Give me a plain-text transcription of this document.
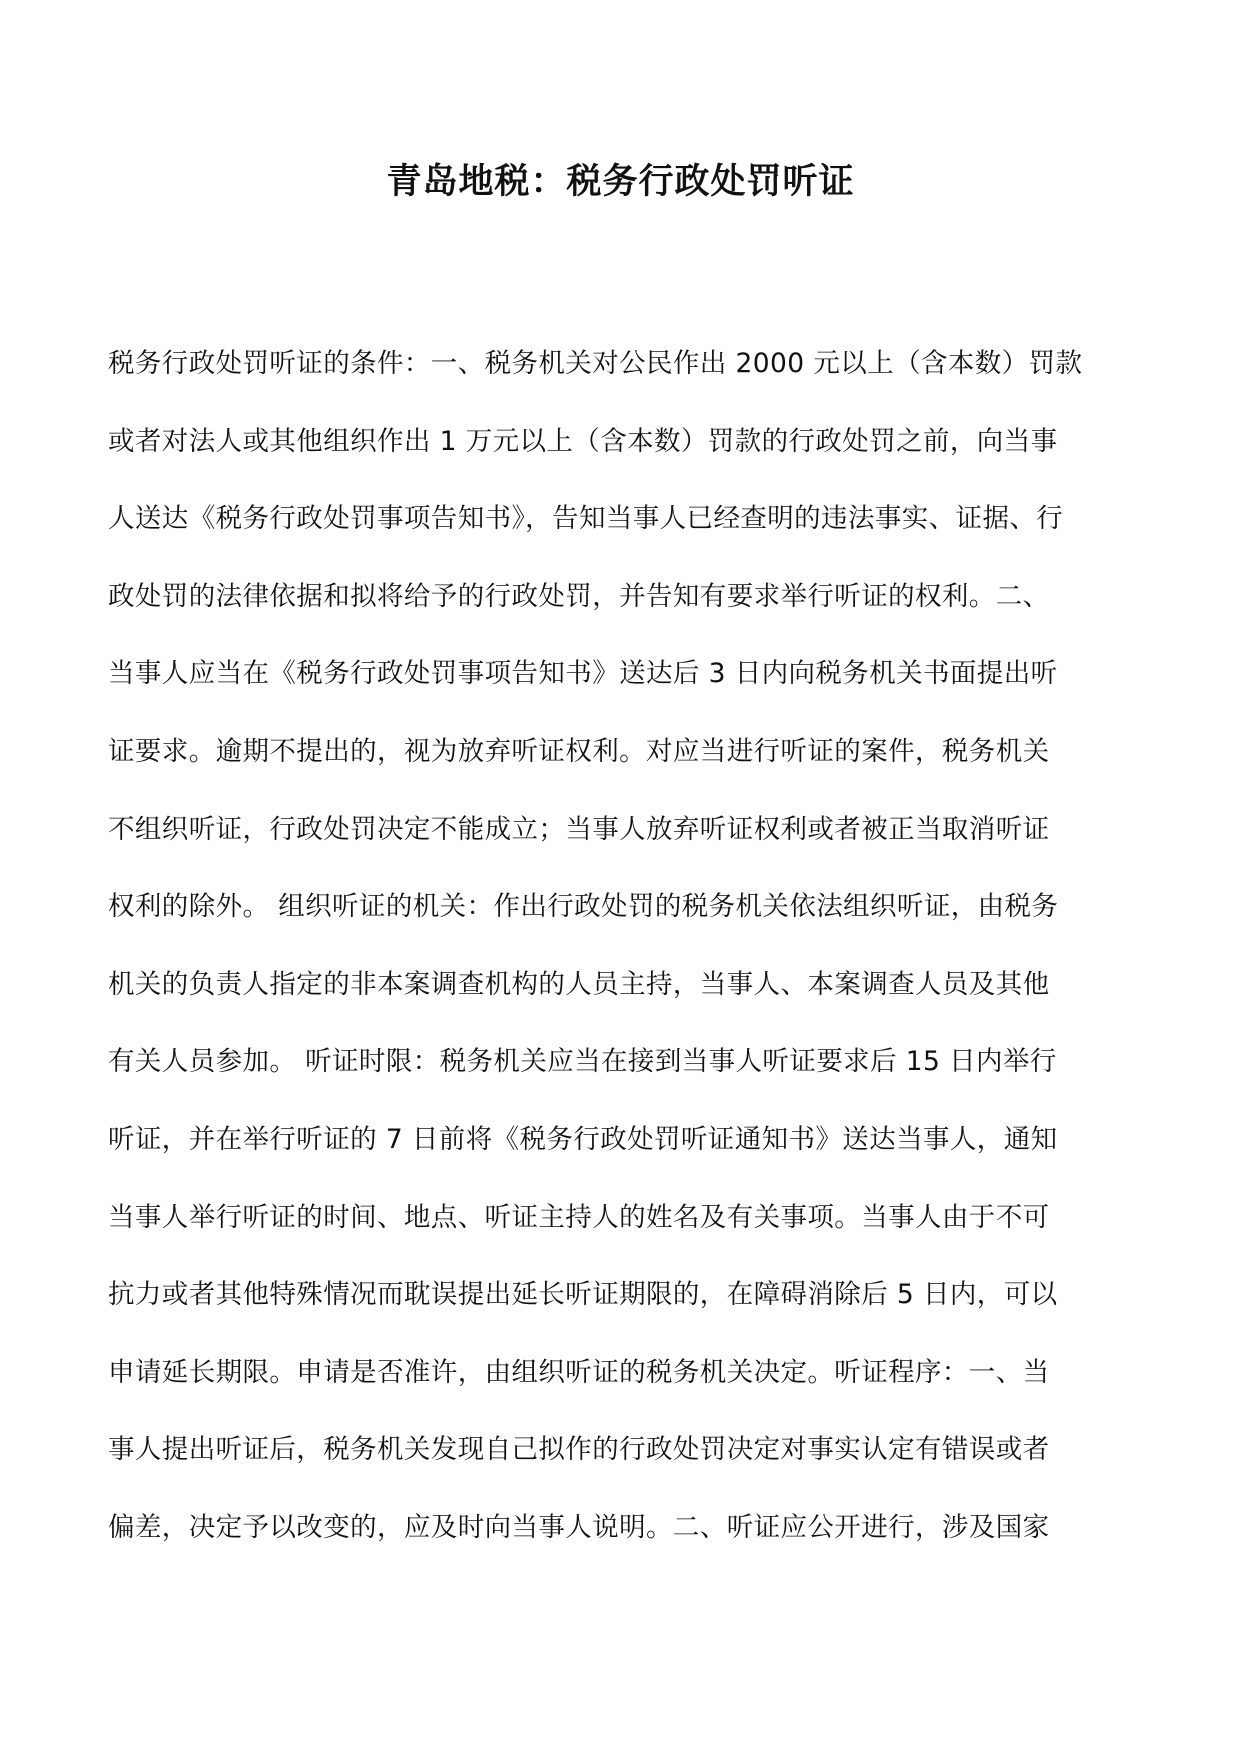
青岛地税：税务行政处罚听证
税务行政处罚听证的条件：一、税务机关对公民作出 2000 元以上（含本数）罚款
或者对法人或其他组织作出 1 万元以上（含本数）罚款的行政处罚之前，向当事
人送达《税务行政处罚事项告知书》，告知当事人已经查明的违法事实、证据、行
政处罚的法律依据和拟将给予的行政处罚，并告知有要求举行听证的权利。二、
当事人应当在《税务行政处罚事项告知书》送达后 3 日内向税务机关书面提出听
证要求。逾期不提出的，视为放弃听证权利。对应当进行听证的案件，税务机关
不组织听证，行政处罚决定不能成立；当事人放弃听证权利或者被正当取消听证
权利的除外。 组织听证的机关：作出行政处罚的税务机关依法组织听证，由税务
机关的负责人指定的非本案调查机构的人员主持，当事人、本案调查人员及其他
有关人员参加。 听证时限：税务机关应当在接到当事人听证要求后 15 日内举行
听证，并在举行听证的 7 日前将《税务行政处罚听证通知书》送达当事人，通知
当事人举行听证的时间、地点、听证主持人的姓名及有关事项。当事人由于不可
抗力或者其他特殊情况而耽误提出延长听证期限的，在障碍消除后 5 日内，可以
申请延长期限。申请是否准许，由组织听证的税务机关决定。听证程序：一、当
事人提出听证后，税务机关发现自己拟作的行政处罚决定对事实认定有错误或者
偏差，决定予以改变的，应及时向当事人说明。二、听证应公开进行，涉及国家
